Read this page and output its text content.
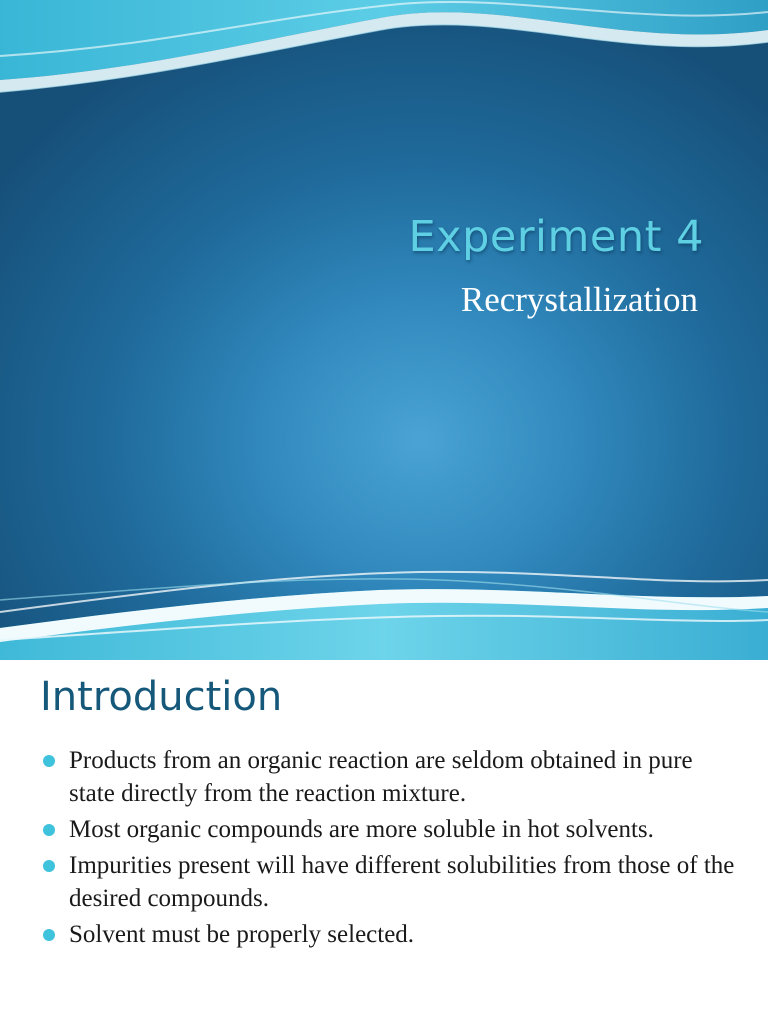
Experiment 4
Recrystallization
Introduction
Products from an organic reaction are seldom obtained in pure state directly from the reaction mixture.
Most organic compounds are more soluble in hot solvents.
Impurities present will have different solubilities from those of the desired compounds.
Solvent must be properly selected.
